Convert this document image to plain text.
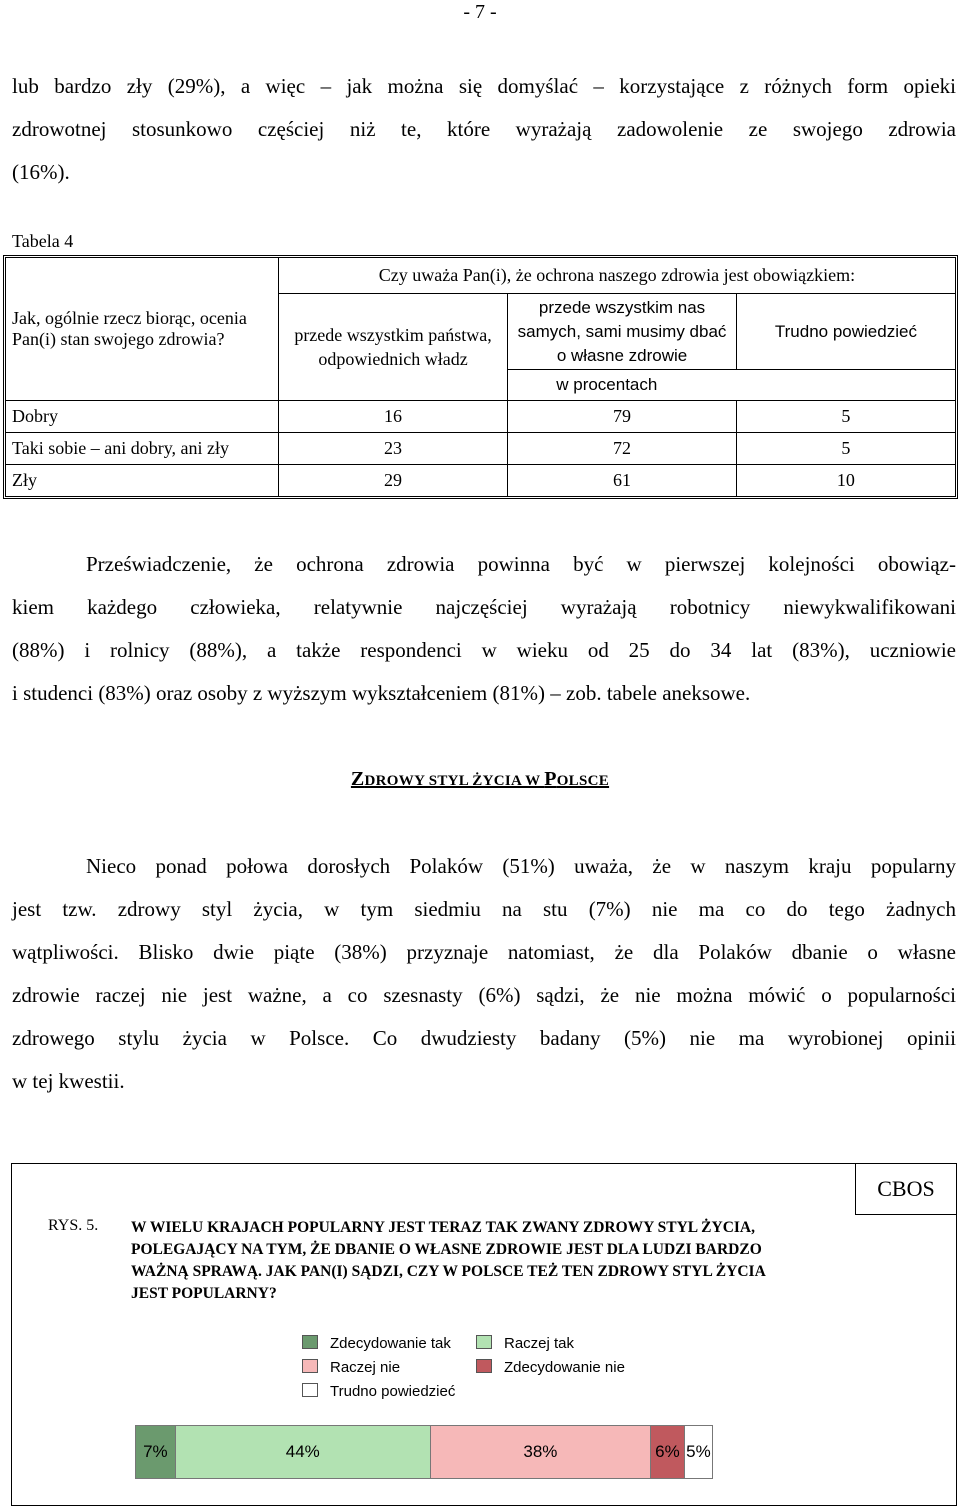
- 7 -
lub bardzo zły (29%), a więc – jak można się domyślać – korzystające z różnych form opieki
zdrowotnej stosunkowo częściej niż te, które wyrażają zadowolenie ze swojego zdrowia
(16%).
Tabela 4
Jak, ogólnie rzecz biorąc, ocenia Pan(i) stan swojego zdrowia?	Czy uważa Pan(i), że ochrona naszego zdrowia jest obowiązkiem:		
	przede wszystkim państwa, odpowiednich władz	przede wszystkim nas samych, sami musimy dbać o własne zdrowie	Trudno powiedzieć
		w procentach	
Dobry	16	79	5
Taki sobie – ani dobry, ani zły	23	72	5
Zły	29	61	10
Przeświadczenie, że ochrona zdrowia powinna być w pierwszej kolejności obowiąz-
kiem każdego człowieka, relatywnie najczęściej wyrażają robotnicy niewykwalifikowani
(88%) i rolnicy (88%), a także respondenci w wieku od 25 do 34 lat (83%), uczniowie
i studenci (83%) oraz osoby z wyższym wykształceniem (81%) – zob. tabele aneksowe.
ZDROWY STYL ŻYCIA W POLSCE
Nieco ponad połowa dorosłych Polaków (51%) uważa, że w naszym kraju popularny
jest tzw. zdrowy styl życia, w tym siedmiu na stu (7%) nie ma co do tego żadnych
wątpliwości. Blisko dwie piąte (38%) przyznaje natomiast, że dla Polaków dbanie o własne
zdrowie raczej nie jest ważne, a co szesnasty (6%) sądzi, że nie można mówić o popularności
zdrowego stylu życia w Polsce. Co dwudziesty badany (5%) nie ma wyrobionej opinii
w tej kwestii.
CBOS
RYS. 5. W WIELU KRAJACH POPULARNY JEST TERAZ TAK ZWANY ZDROWY STYL ŻYCIA,
POLEGAJĄCY NA TYM, ŻE DBANIE O WŁASNE ZDROWIE JEST DLA LUDZI BARDZO
WAŻNĄ SPRAWĄ. JAK PAN(I) SĄDZI, CZY W POLSCE TEŻ TEN ZDROWY STYL ŻYCIA
JEST POPULARNY?
Zdecydowanie tak	Raczej tak
Raczej nie	Zdecydowanie nie
Trudno powiedzieć
7%	44%	38%	6% 5%
